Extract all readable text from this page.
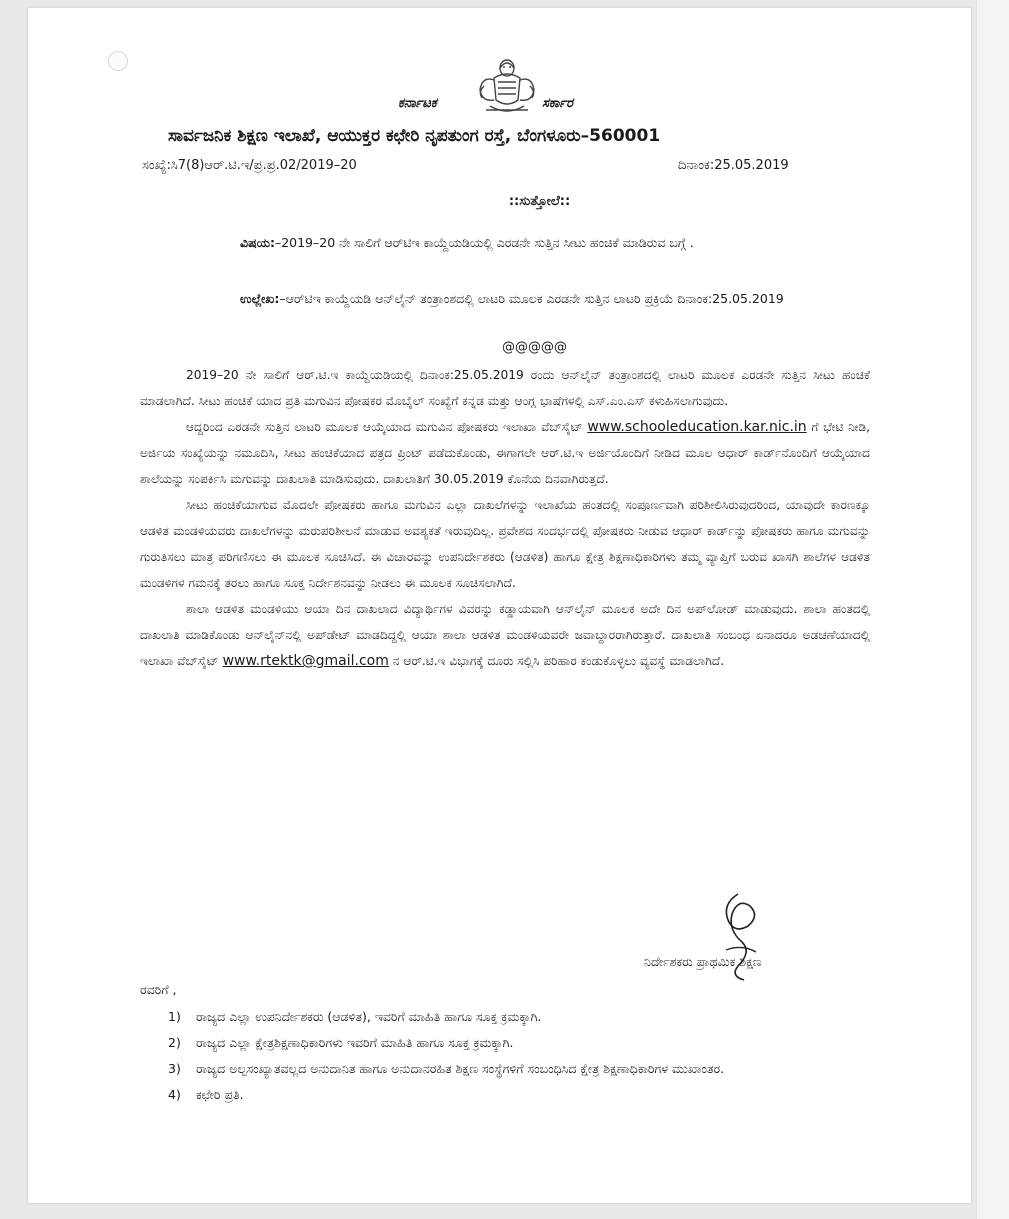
ಕರ್ನಾಟಕ	ಸರ್ಕಾರ
ಸಾರ್ವಜನಿಕ ಶಿಕ್ಷಣ ಇಲಾಖೆ, ಆಯುಕ್ತರ ಕಛೇರಿ ನೃಪತುಂಗ ರಸ್ತೆ, ಬೆಂಗಳೂರು–560001
ಸಂಖ್ಯೆ:ಸಿ7(8)ಆರ್.ಟಿ.ಇ/ಪ್ರ.ಪ್ರ.02/2019–20	ದಿನಾಂಕ:25.05.2019
::ಸುತ್ತೋಲೆ::
ವಿಷಯ:–2019–20 ನೇ ಸಾಲಿಗೆ ಆರ್‌ಟಿಇ ಕಾಯ್ದೆಯಡಿಯಲ್ಲಿ ಎರಡನೇ ಸುತ್ತಿನ ಸೀಟು ಹಂಚಿಕೆ ಮಾಡಿರುವ ಬಗ್ಗೆ .
ಉಲ್ಲೇಖ:–ಆರ್‌ಟಿಇ ಕಾಯ್ದೆಯಡಿ ಆನ್‌ಲೈನ್ ತಂತ್ರಾಂಶದಲ್ಲಿ ಲಾಟರಿ ಮೂಲಕ ಎರಡನೇ ಸುತ್ತಿನ ಲಾಟರಿ ಪ್ರಕ್ರಿಯೆ ದಿನಾಂಕ:25.05.2019
@@@@@

2019–20 ನೇ ಸಾಲಿಗೆ ಆರ್.ಟಿ.ಇ ಕಾಯ್ದೆಯಡಿಯಲ್ಲಿ ದಿನಾಂಕ:25.05.2019 ರಂದು ಆನ್‌ಲೈನ್ ತಂತ್ರಾಂಶದಲ್ಲಿ ಲಾಟರಿ ಮೂಲಕ ಎರಡನೇ ಸುತ್ತಿನ ಸೀಟು ಹಂಚಿಕೆ ಮಾಡಲಾಗಿದೆ. ಸೀಟು ಹಂಚಿಕೆ ಯಾದ ಪ್ರತಿ ಮಗುವಿನ ಪೋಷಕರ ಮೊಬೈಲ್ ಸಂಖ್ಯೆಗೆ ಕನ್ನಡ ಮತ್ತು ಆಂಗ್ಲ ಭಾಷೆಗಳಲ್ಲಿ ಎಸ್.ಎಂ.ಎಸ್ ಕಳುಹಿಸಲಾಗುವುದು.

ಆದ್ದರಿಂದ ಎರಡನೇ ಸುತ್ತಿನ ಲಾಟರಿ ಮೂಲಕ ಆಯ್ಕೆಯಾದ ಮಗುವಿನ ಪೋಷಕರು ಇಲಾಖಾ ವೆಬ್‌ಸೈಟ್ www.schooleducation.kar.nic.in ಗೆ ಭೇಟಿ ನೀಡಿ, ಅರ್ಜಿಯ ಸಂಖ್ಯೆಯನ್ನು ನಮೂದಿಸಿ, ಸೀಟು ಹಂಚಿಕೆಯಾದ ಪತ್ರದ ಪ್ರಿಂಟ್ ಪಡೆದುಕೊಂಡು, ಈಗಾಗಲೇ ಆರ್.ಟಿ.ಇ ಅರ್ಜಿಯೊಂದಿಗೆ ನೀಡಿದ ಮೂಲ ಆಧಾರ್ ಕಾರ್ಡ್‌ನೊಂದಿಗೆ ಆಯ್ಕೆಯಾದ ಶಾಲೆಯನ್ನು ಸಂಪರ್ಕಿಸಿ ಮಗುವನ್ನು ದಾಖಲಾತಿ ಮಾಡಿಸುವುದು. ದಾಖಲಾತಿಗೆ 30.05.2019 ಕೊನೆಯ ದಿನವಾಗಿರುತ್ತದೆ.

ಸೀಟು ಹಂಚಿಕೆಯಾಗುವ ಮೊದಲೇ ಪೋಷಕರು ಹಾಗೂ ಮಗುವಿನ ಎಲ್ಲಾ ದಾಖಲೆಗಳನ್ನು ಇಲಾಖೆಯ ಹಂತದಲ್ಲಿ ಸಂಪೂರ್ಣವಾಗಿ ಪರಿಶೀಲಿಸಿರುವುದರಿಂದ, ಯಾವುದೇ ಕಾರಣಕ್ಕೂ ಆಡಳಿತ ಮಂಡಳಿಯವರು ದಾಖಲೆಗಳನ್ನು ಮರುಪರಿಶೀಲನೆ ಮಾಡುವ ಅವಶ್ಯಕತೆ ಇರುವುದಿಲ್ಲ. ಪ್ರವೇಶದ ಸಂದರ್ಭದಲ್ಲಿ ಪೋಷಕರು ನೀಡುವ ಆಧಾರ್ ಕಾರ್ಡ್‌ನ್ನು ಪೋಷಕರು ಹಾಗೂ ಮಗುವನ್ನು ಗುರುತಿಸಲು ಮಾತ್ರ ಪರಿಗಣಿಸಲು ಈ ಮೂಲಕ ಸೂಚಿಸಿದೆ. ಈ ವಿಚಾರವನ್ನು ಉಪನಿರ್ದೇಶಕರು (ಆಡಳಿತ) ಹಾಗೂ ಕ್ಷೇತ್ರ ಶಿಕ್ಷಣಾಧಿಕಾರಿಗಳು ತಮ್ಮ ವ್ಯಾಪ್ತಿಗೆ ಬರುವ ಖಾಸಗಿ ಶಾಲೆಗಳ ಆಡಳಿತ ಮಂಡಳಿಗಳ ಗಮನಕ್ಕೆ ತರಲು ಹಾಗೂ ಸೂಕ್ತ ನಿರ್ದೇಶನವನ್ನು ನೀಡಲು ಈ ಮೂಲಕ ಸೂಚಿಸಲಾಗಿದೆ.

ಶಾಲಾ ಆಡಳಿತ ಮಂಡಳಿಯು ಆಯಾ ದಿನ ದಾಖಲಾದ ವಿದ್ಯಾರ್ಥಿಗಳ ವಿವರನ್ನು ಕಡ್ಡಾಯವಾಗಿ ಆನ್‌ಲೈನ್ ಮೂಲಕ ಅದೇ ದಿನ ಅಪ್‌ಲೋಡ್ ಮಾಡುವುದು. ಶಾಲಾ ಹಂತದಲ್ಲಿ ದಾಖಲಾತಿ ಮಾಡಿಕೊಂಡು ಆನ್‌ಲೈನ್‌ನಲ್ಲಿ ಅಪ್‌ಡೇಟ್ ಮಾಡದಿದ್ದಲ್ಲಿ ಆಯಾ ಶಾಲಾ ಆಡಳಿತ ಮಂಡಳಿಯವರೇ ಜವಾಬ್ದಾರರಾಗಿರುತ್ತಾರೆ. ದಾಖಲಾತಿ ಸಂಬಂಧ ಏನಾದರೂ ಅಡಚಣೆಯಾದಲ್ಲಿ ಇಲಾಖಾ ವೆಬ್‌ಸೈಟ್ www.rtektk@gmail.com ನ ಆರ್.ಟಿ.ಇ ವಿಭಾಗಕ್ಕೆ ದೂರು ಸಲ್ಲಿಸಿ ಪರಿಹಾರ ಕಂಡುಕೊಳ್ಳಲು ವ್ಯವಸ್ಥೆ ಮಾಡಲಾಗಿದೆ.

ನಿರ್ದೇಶಕರು ಪ್ರಾಥಮಿಕ ಶಿಕ್ಷಣ
ರವರಿಗೆ ,
1) ರಾಜ್ಯದ ಎಲ್ಲಾ ಉಪನಿರ್ದೇಶಕರು (ಆಡಳಿತ), ಇವರಿಗೆ ಮಾಹಿತಿ ಹಾಗೂ ಸೂಕ್ತ ಕ್ರಮಕ್ಕಾಗಿ.
2) ರಾಜ್ಯದ ಎಲ್ಲಾ ಕ್ಷೇತ್ರಶಿಕ್ಷಣಾಧಿಕಾರಿಗಳು ಇವರಿಗೆ ಮಾಹಿತಿ ಹಾಗೂ ಸೂಕ್ತ ಕ್ರಮಕ್ಕಾಗಿ.
3) ರಾಜ್ಯದ ಅಲ್ಪಸಂಖ್ಯಾತವಲ್ಲದ ಅನುದಾನಿತ ಹಾಗೂ ಅನುದಾನರಹಿತ ಶಿಕ್ಷಣ ಸಂಸ್ಥೆಗಳಿಗೆ ಸಂಬಂಧಿಸಿದ ಕ್ಷೇತ್ರ ಶಿಕ್ಷಣಾಧಿಕಾರಿಗಳ ಮುಖಾಂತರ.
4) ಕಛೇರಿ ಪ್ರತಿ.
